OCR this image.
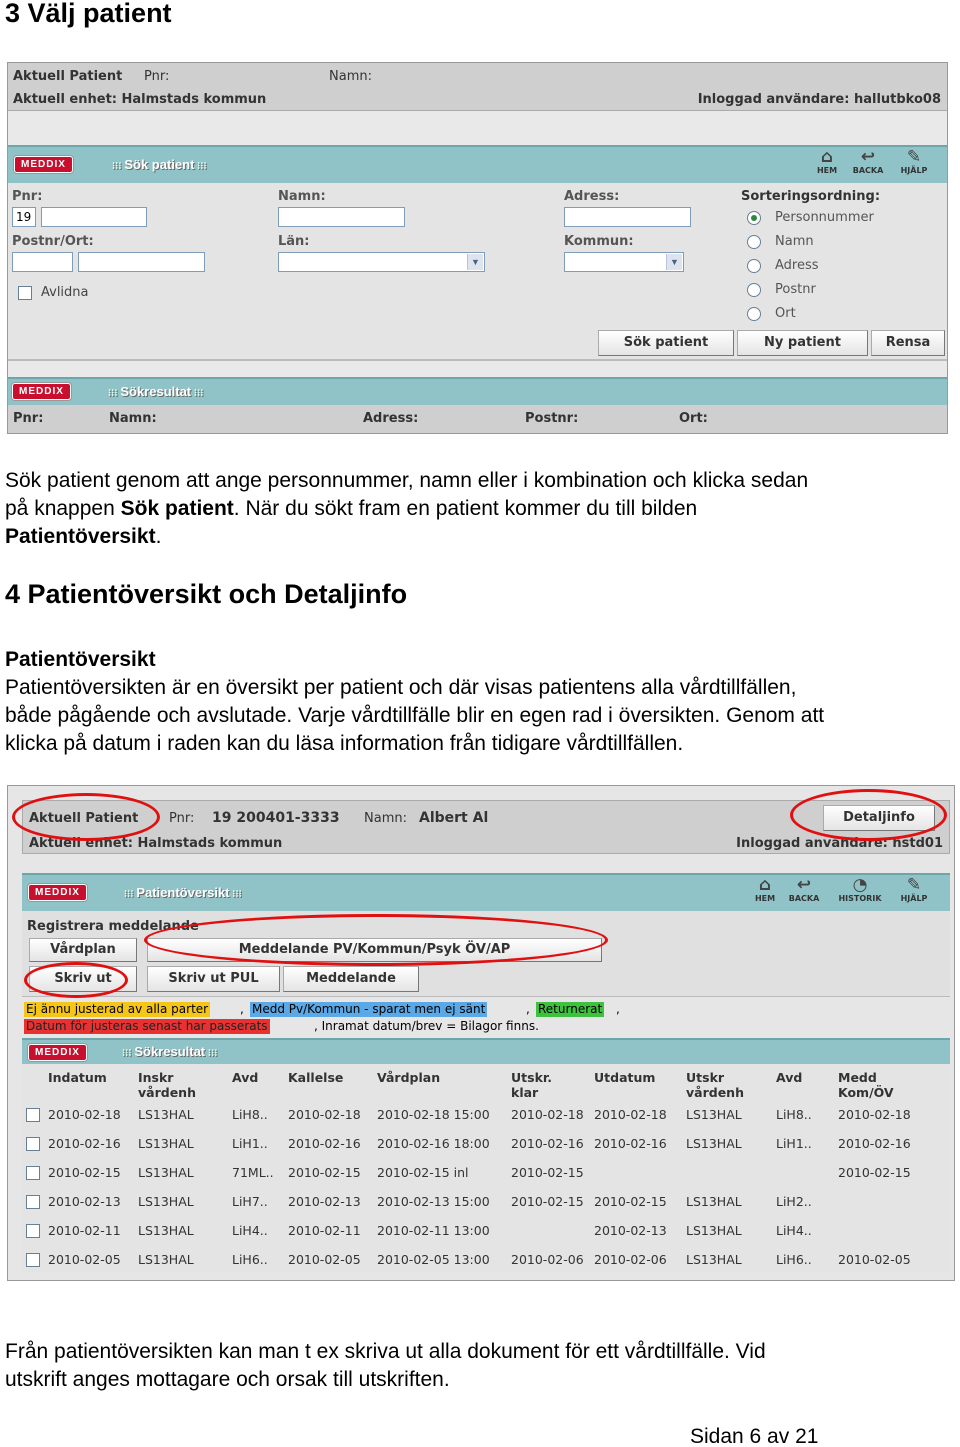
3 Välj patient
Aktuell Patient Pnr:	Namn:
Aktuell enhet: Halmstads kommun	Inloggad användare: hallutbko08
MEDDIX	⁝⁝⁝ Sök patient ⁝⁝⁝	⌂
HEM
↩
BACKA
✎
HJÄLP
Pnr:
19
Namn:	Adress:
Postnr/Ort:	Län:
▼
Kommun:
▼
Avlidna
Sorteringsordning:
Personnummer
Namn
Adress
Postnr
Ort
Sök patient	Ny patient	Rensa
MEDDIX	⁝⁝⁝ Sökresultat ⁝⁝⁝
Pnr:	Namn:	Adress:	Postnr:	Ort:
Sök patient genom att ange personnummer, namn eller i kombination och klicka sedan
på knappen Sök patient. När du sökt fram en patient kommer du till bilden
Patientöversikt.
4 Patientöversikt och Detaljinfo
Patientöversikt
Patientöversikten är en översikt per patient och där visas patientens alla vårdtillfällen,
både pågående och avslutade. Varje vårdtillfälle blir en egen rad i översikten. Genom att
klicka på datum i raden kan du läsa information från tidigare vårdtillfällen.
Aktuell Patient Pnr: 19 200401-3333 Namn: Albert Al	Detaljinfo
Aktuell enhet: Halmstads kommun	Inloggad användare: hstd01
MEDDIX	⁝⁝⁝ Patientöversikt ⁝⁝⁝	⌂
HEM
↩
BACKA
◔
HISTORIK
✎
HJÄLP
Registrera meddelande
Vårdplan	Meddelande PV/Kommun/Psyk ÖV/AP
Skriv ut	Skriv ut PUL	Meddelande
Ej ännu justerad av alla parter	, Medd Pv/Kommun - sparat men ej sänt	, Returnerat ,
Datum för justeras senast har passerats	, Inramat datum/brev = Bilagor finns.
MEDDIX	⁝⁝⁝ Sökresultat ⁝⁝⁝
	Indatum	Inskr
vårdenh	Avd	Kallelse	Vårdplan	Utskr.
klar	Utdatum	Utskr
vårdenh	Avd	Medd
Kom/ÖV
	2010-02-18	LS13HAL	LiH8..	2010-02-18	2010-02-18 15:00	2010-02-18	2010-02-18	LS13HAL	LiH8..	2010-02-18
	2010-02-16	LS13HAL	LiH1..	2010-02-16	2010-02-16 18:00	2010-02-16	2010-02-16	LS13HAL	LiH1..	2010-02-16
	2010-02-15	LS13HAL	71ML..	2010-02-15	2010-02-15 inl	2010-02-15				2010-02-15
	2010-02-13	LS13HAL	LiH7..	2010-02-13	2010-02-13 15:00	2010-02-15	2010-02-15	LS13HAL	LiH2..	
	2010-02-11	LS13HAL	LiH4..	2010-02-11	2010-02-11 13:00		2010-02-13	LS13HAL	LiH4..	
	2010-02-05	LS13HAL	LiH6..	2010-02-05	2010-02-05 13:00	2010-02-06	2010-02-06	LS13HAL	LiH6..	2010-02-05
Från patientöversikten kan man t ex skriva ut alla dokument för ett vårdtillfälle. Vid
utskrift anges mottagare och orsak till utskriften.
Sidan 6 av 21
